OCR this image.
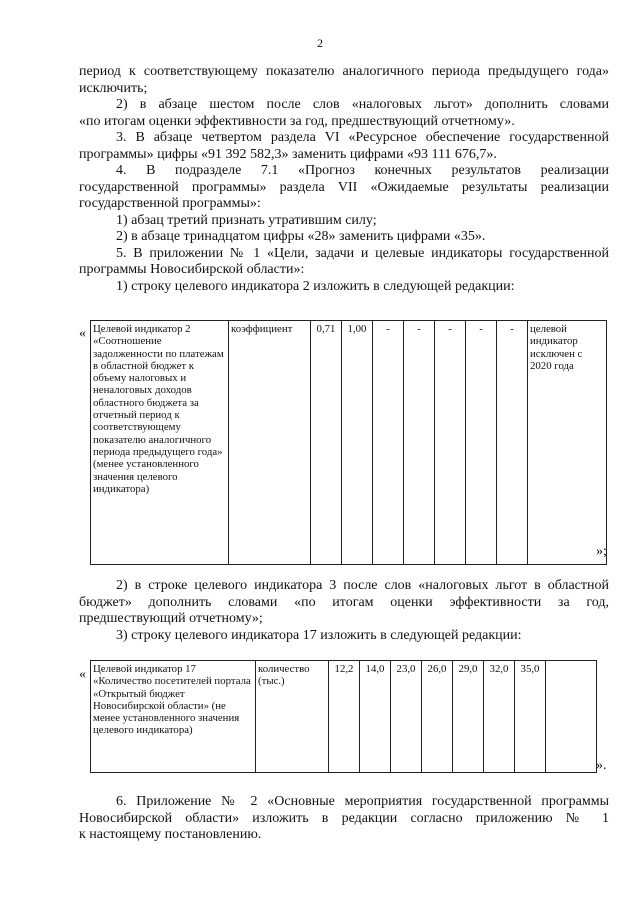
2

период к соответствующему показателю аналогичного периода предыдущего года»

исключить;

2) в абзаце шестом после слов «налоговых льгот» дополнить словами

«по итогам оценки эффективности за год, предшествующий отчетному».

3. В абзаце четвертом раздела VI «Ресурсное обеспечение государственной

программы» цифры «91 392 582,3» заменить цифрами «93 111 676,7».

4. В подразделе 7.1 «Прогноз конечных результатов реализации

государственной программы» раздела VII «Ожидаемые результаты реализации

государственной программы»:

1) абзац третий признать утратившим силу;

2) в абзаце тринадцатом цифры «28» заменить цифрами «35».

5. В приложении № 1 «Цели, задачи и целевые индикаторы государственной

программы Новосибирской области»:

1) строку целевого индикатора 2 изложить в следующей редакции:

« Целевой индикатор 2 «Соотношение задолженности по платежам в областной бюджет к объему налоговых и неналоговых доходов областного бюджета за отчетный период к соответствующему показателю аналогичного периода предыдущего года» (менее установленного значения целевого индикатора)	коэффициент	0,71	1,00	-	-	-	-	-	целевой индикатор исключен с 2020 года
»;

2) в строке целевого индикатора 3 после слов «налоговых льгот в областной

бюджет» дополнить словами «по итогам оценки эффективности за год,

предшествующий отчетному»;

3) строку целевого индикатора 17 изложить в следующей редакции:

« Целевой индикатор 17 «Количество посетителей портала «Открытый бюджет Новосибирской области» (не менее установленного значения целевого индикатора)	количество (тыс.)	12,2	14,0	23,0	26,0	29,0	32,0	35,0	
».

6. Приложение № 2 «Основные мероприятия государственной программы

Новосибирской области» изложить в редакции согласно приложению № 1

к настоящему постановлению.
